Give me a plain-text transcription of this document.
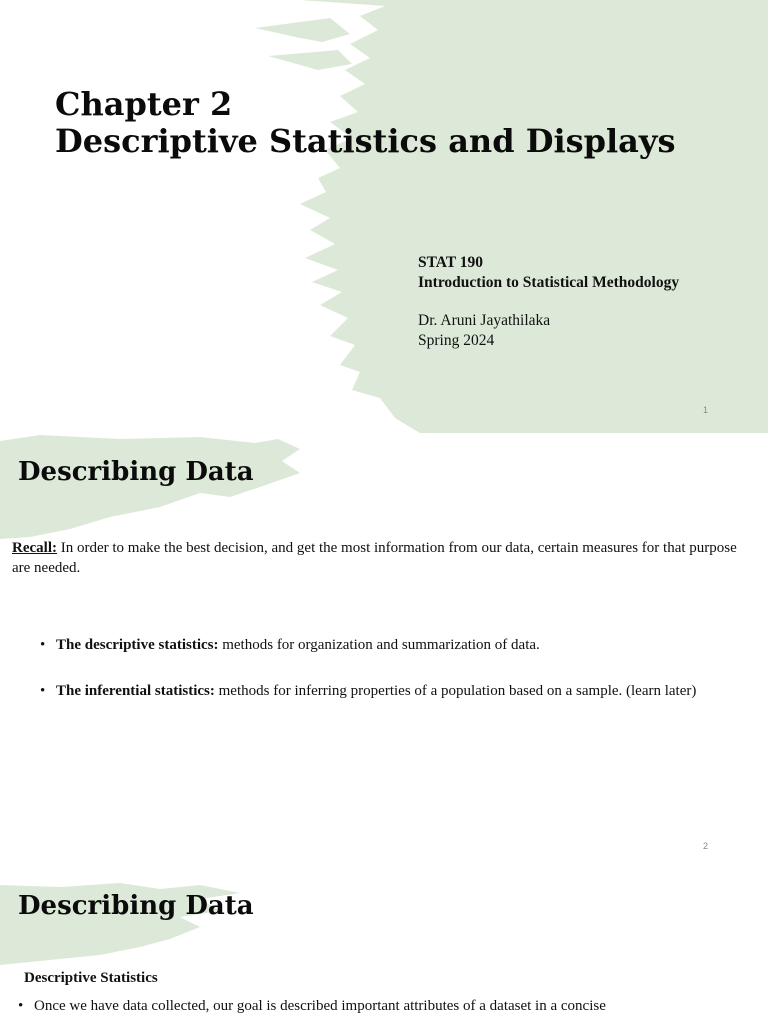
Chapter 2
Descriptive Statistics and Displays
STAT 190
Introduction to Statistical Methodology
Dr. Aruni Jayathilaka
Spring 2024
1
Describing Data

Recall: In order to make the best decision, and get the most information from our data, certain measures for that purpose are needed.

• The descriptive statistics: methods for organization and summarization of data.
• The inferential statistics: methods for inferring properties of a population based on a sample. (learn later)
2
Describing Data
Descriptive Statistics
• Once we have data collected, our goal is described important attributes of a dataset in a concise
